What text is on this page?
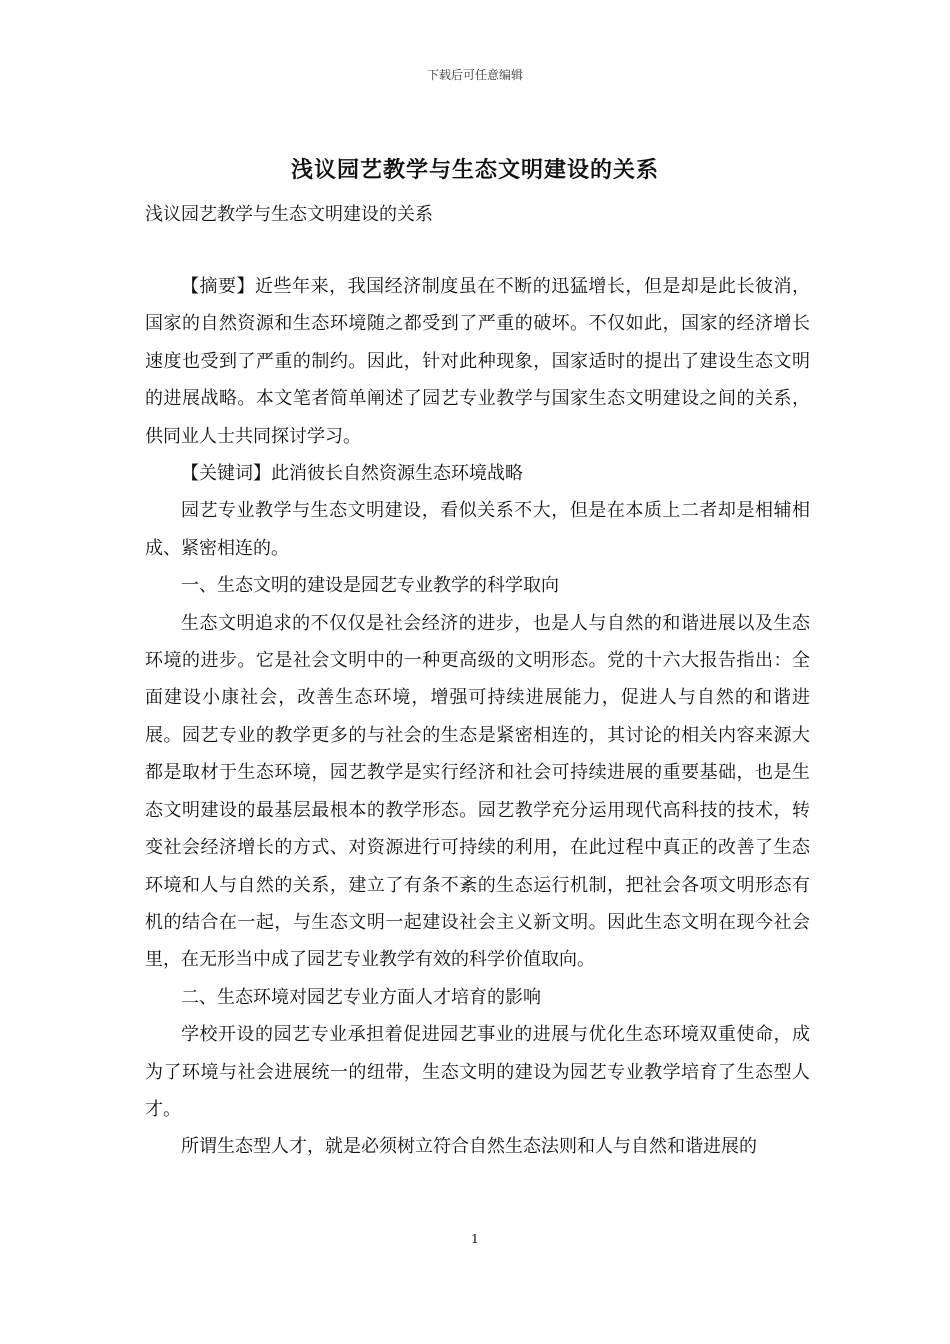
下载后可任意编辑
浅议园艺教学与生态文明建设的关系
浅议园艺教学与生态文明建设的关系

【摘要】近些年来，我国经济制度虽在不断的迅猛增长，但是却是此长彼消，国家的自然资源和生态环境随之都受到了严重的破坏。不仅如此，国家的经济增长速度也受到了严重的制约。因此，针对此种现象，国家适时的提出了建设生态文明的进展战略。本文笔者简单阐述了园艺专业教学与国家生态文明建设之间的关系，供同业人士共同探讨学习。

【关键词】此消彼长自然资源生态环境战略

园艺专业教学与生态文明建设，看似关系不大，但是在本质上二者却是相辅相成、紧密相连的。

一、生态文明的建设是园艺专业教学的科学取向

生态文明追求的不仅仅是社会经济的进步，也是人与自然的和谐进展以及生态环境的进步。它是社会文明中的一种更高级的文明形态。党的十六大报告指出：全面建设小康社会，改善生态环境，增强可持续进展能力，促进人与自然的和谐进展。园艺专业的教学更多的与社会的生态是紧密相连的，其讨论的相关内容来源大都是取材于生态环境，园艺教学是实行经济和社会可持续进展的重要基础，也是生态文明建设的最基层最根本的教学形态。园艺教学充分运用现代高科技的技术，转变社会经济增长的方式、对资源进行可持续的利用，在此过程中真正的改善了生态环境和人与自然的关系，建立了有条不紊的生态运行机制，把社会各项文明形态有机的结合在一起，与生态文明一起建设社会主义新文明。因此生态文明在现今社会里，在无形当中成了园艺专业教学有效的科学价值取向。

二、生态环境对园艺专业方面人才培育的影响

学校开设的园艺专业承担着促进园艺事业的进展与优化生态环境双重使命，成为了环境与社会进展统一的纽带，生态文明的建设为园艺专业教学培育了生态型人才。

所谓生态型人才，就是必须树立符合自然生态法则和人与自然和谐进展的

1
